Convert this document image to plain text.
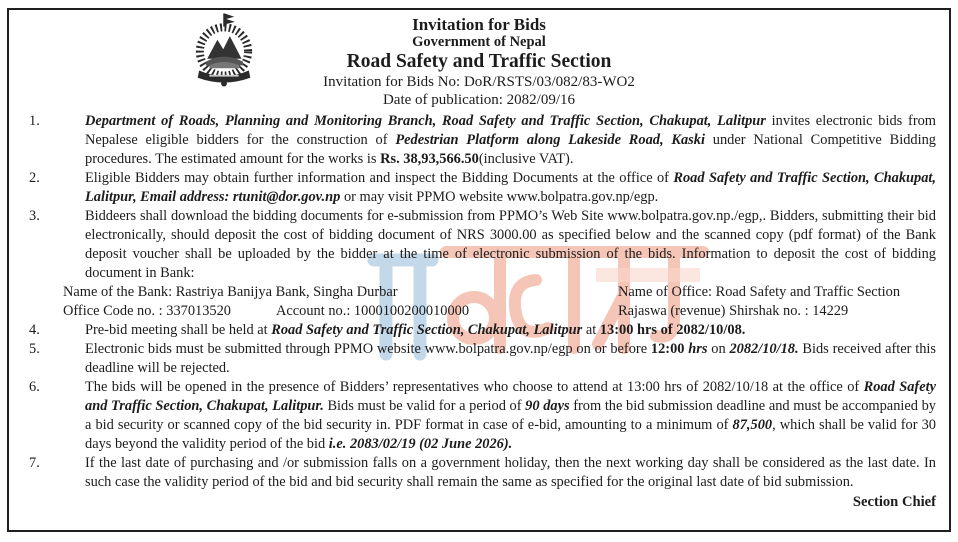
Invitation for Bids
Government of Nepal
Road Safety and Traffic Section
Invitation for Bids No: DoR/RSTS/03/082/83-WO2
Date of publication: 2082/09/16
1.	Department of Roads, Planning and Monitoring Branch, Road Safety and Traffic Section, Chakupat, Lalitpur invites electronic bids from Nepalese eligible bidders for the construction of Pedestrian Platform along Lakeside Road, Kaski under National Competitive Bidding procedures. The estimated amount for the works is Rs. 38,93,566.50(inclusive VAT).
2.	Eligible Bidders may obtain further information and inspect the Bidding Documents at the office of Road Safety and Traffic Section, Chakupat, Lalitpur, Email address: rtunit@dor.gov.np or may visit PPMO website www.bolpatra.gov.np/egp.
3.	Biddeers shall download the bidding documents for e-submission from PPMO’s Web Site www.bolpatra.gov.np./egp,. Bidders, submitting their bid electronically, should deposit the cost of bidding document of NRS 3000.00 as specified below and the scanned copy (pdf format) of the Bank deposit voucher shall be uploaded by the bidder at the time of electronic submission of the bids. Information to deposit the cost of bidding document in Bank:
Name of the Bank: Rastriya Banijya Bank, Singha Durbar	Name of Office: Road Safety and Traffic Section
Office Code no. : 337013520	Account no.: 1000100200010000	Rajaswa (revenue) Shirshak no. : 14229
4.	Pre-bid meeting shall be held at Road Safety and Traffic Section, Chakupat, Lalitpur at 13:00 hrs of 2082/10/08.
5.	Electronic bids must be submitted through PPMO website www.bolpatra.gov.np/egp on or before 12:00 hrs on 2082/10/18. Bids received after this deadline will be rejected.
6.	The bids will be opened in the presence of Bidders’ representatives who choose to attend at 13:00 hrs of 2082/10/18 at the office of Road Safety and Traffic Section, Chakupat, Lalitpur. Bids must be valid for a period of 90 days from the bid submission deadline and must be accompanied by a bid security or scanned copy of the bid security in. PDF format in case of e-bid, amounting to a minimum of 87,500, which shall be valid for 30 days beyond the validity period of the bid i.e. 2083/02/19 (02 June 2026).
7.	If the last date of purchasing and /or submission falls on a government holiday, then the next working day shall be considered as the last date. In such case the validity period of the bid and bid security shall remain the same as specified for the original last date of bid submission.
Section Chief
